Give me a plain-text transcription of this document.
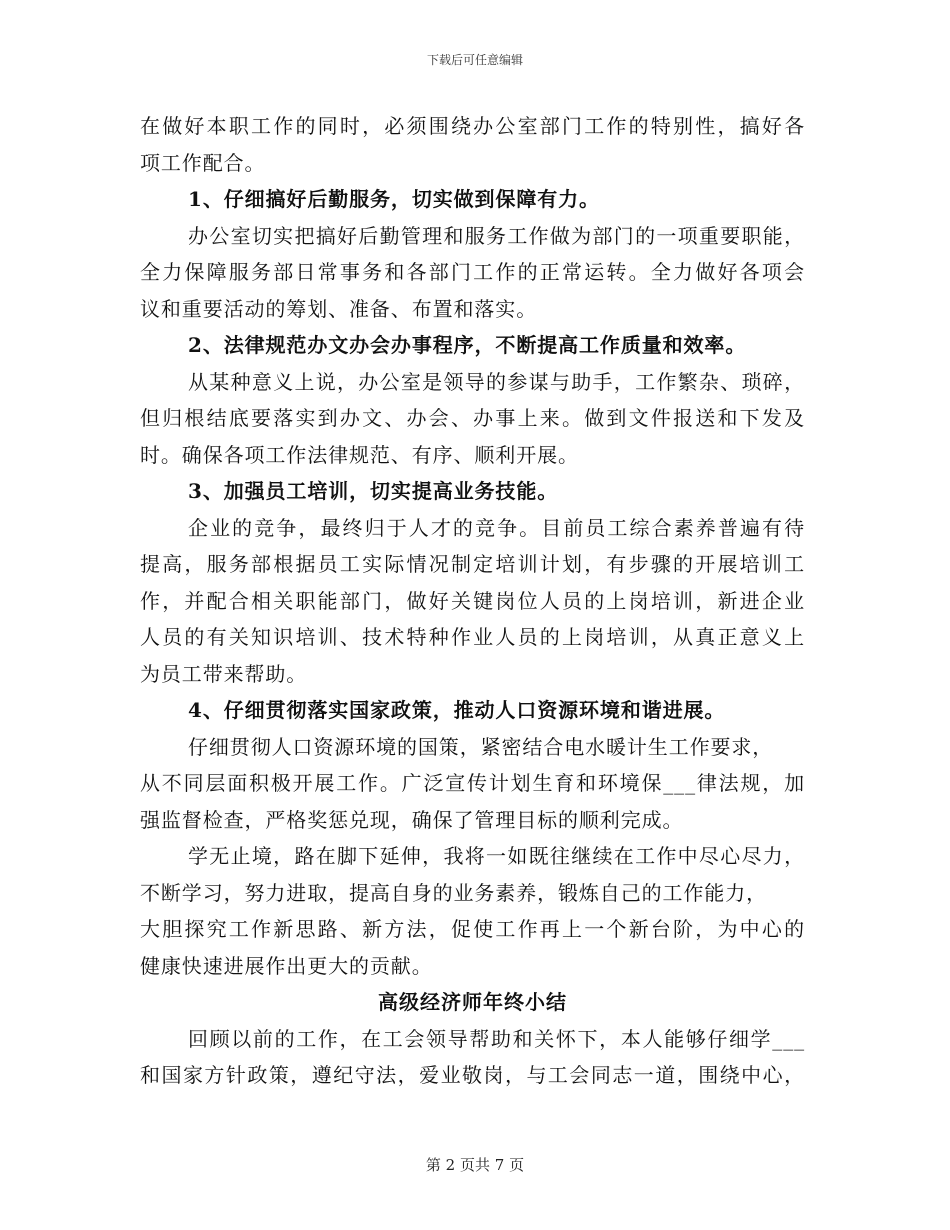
下载后可任意编辑
在做好本职工作的同时，必须围绕办公室部门工作的特别性，搞好各
项工作配合。
1、仔细搞好后勤服务，切实做到保障有力。
办公室切实把搞好后勤管理和服务工作做为部门的一项重要职能，
全力保障服务部日常事务和各部门工作的正常运转。全力做好各项会
议和重要活动的筹划、准备、布置和落实。
2、法律规范办文办会办事程序，不断提高工作质量和效率。
从某种意义上说，办公室是领导的参谋与助手，工作繁杂、琐碎，
但归根结底要落实到办文、办会、办事上来。做到文件报送和下发及
时。确保各项工作法律规范、有序、顺利开展。
3、加强员工培训，切实提高业务技能。
企业的竞争，最终归于人才的竞争。目前员工综合素养普遍有待
提高，服务部根据员工实际情况制定培训计划，有步骤的开展培训工
作，并配合相关职能部门，做好关键岗位人员的上岗培训，新进企业
人员的有关知识培训、技术特种作业人员的上岗培训，从真正意义上
为员工带来帮助。
4、仔细贯彻落实国家政策，推动人口资源环境和谐进展。
仔细贯彻人口资源环境的国策，紧密结合电水暖计生工作要求，
从不同层面积极开展工作。广泛宣传计划生育和环境保___律法规，加
强监督检查，严格奖惩兑现，确保了管理目标的顺利完成。
学无止境，路在脚下延伸，我将一如既往继续在工作中尽心尽力，
不断学习，努力进取，提高自身的业务素养，锻炼自己的工作能力，
大胆探究工作新思路、新方法，促使工作再上一个新台阶，为中心的
健康快速进展作出更大的贡献。
高级经济师年终小结
回顾以前的工作，在工会领导帮助和关怀下，本人能够仔细学___
和国家方针政策，遵纪守法，爱业敬岗，与工会同志一道，围绕中心，
第 2 页共 7 页
